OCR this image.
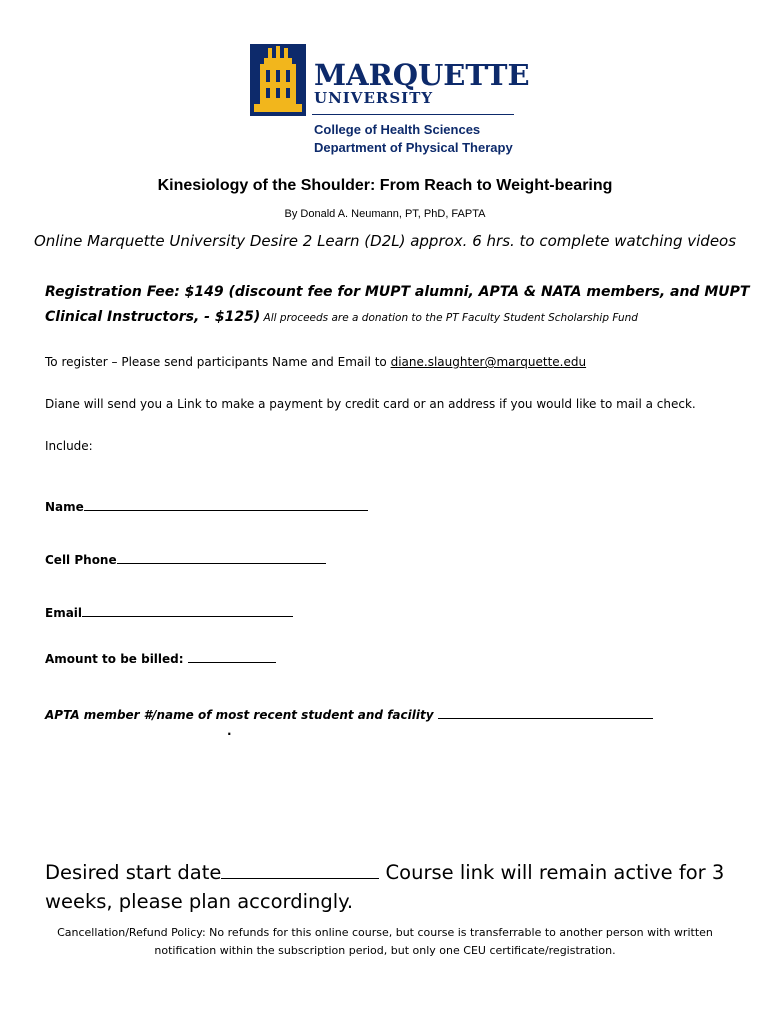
MARQUETTE
UNIVERSITY
College of Health Sciences
Department of Physical Therapy
Kinesiology of the Shoulder: From Reach to Weight-bearing
By Donald A. Neumann, PT, PhD, FAPTA
Online Marquette University Desire 2 Learn (D2L) approx. 6 hrs. to complete watching videos
Registration Fee: $149 (discount fee for MUPT alumni, APTA & NATA members, and MUPT
Clinical Instructors, - $125) All proceeds are a donation to the PT Faculty Student Scholarship Fund
To register – Please send participants Name and Email to diane.slaughter@marquette.edu
Diane will send you a Link to make a payment by credit card or an address if you would like to mail a check.
Include:
Name
Cell Phone
Email
Amount to be billed:
APTA member #/name of most recent student and facility
.
Desired start date	Course link will remain active for 3 weeks, please plan accordingly.
Cancellation/Refund Policy: No refunds for this online course, but course is transferrable to another person with written notification within the subscription period, but only one CEU certificate/registration.
